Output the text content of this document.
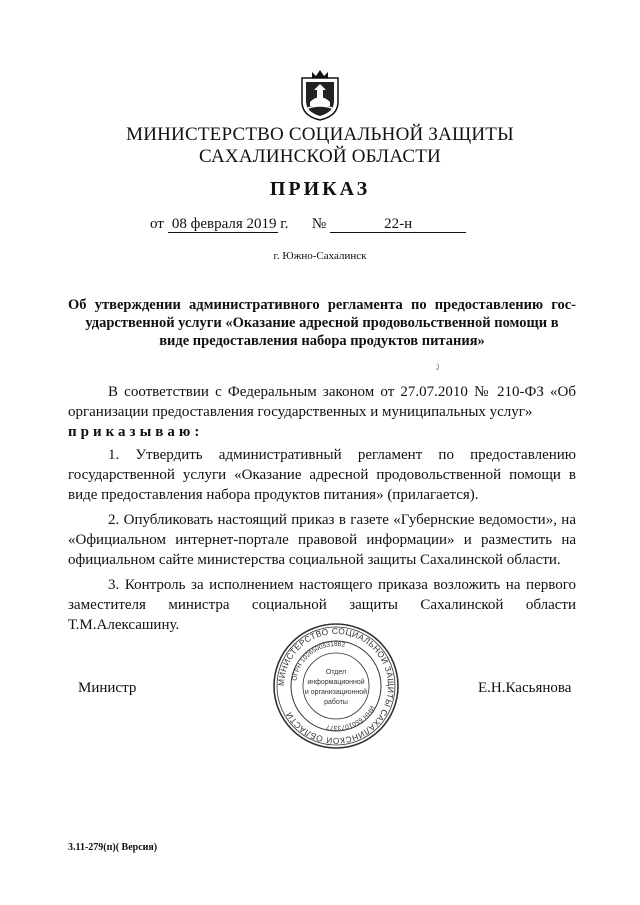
МИНИСТЕРСТВО СОЦИАЛЬНОЙ ЗАЩИТЫ
САХАЛИНСКОЙ ОБЛАСТИ
ПРИКАЗ
от 08 февраля 2019 г. №	22-н
г. Южно-Сахалинск
Об утверждении административного регламента по предоставлению гос-
ударственной услуги «Оказание адресной продовольственной помощи в
виде предоставления набора продуктов питания»
⤸
В соответствии с Федеральным законом от 27.07.2010 № 210-ФЗ «Об организации предоставления государственных и муниципальных услуг»
приказываю:
1. Утвердить административный регламент по предоставлению государственной услуги «Оказание адресной продовольственной помощи в виде предоставления набора продуктов питания» (прилагается).
2. Опубликовать настоящий приказ в газете «Губернские ведомости», на «Официальном интернет-портале правовой информации» и разместить на официальном сайте министерства социальной защиты Сахалинской области.
3. Контроль за исполнением настоящего приказа возложить на первого заместителя министра социальной защиты Сахалинской области Т.М.Алексашину.
Министр	Е.Н.Касьянова
МИНИСТЕРСТВО СОЦИАЛЬНОЙ ЗАЩИТЫ САХАЛИНСКОЙ ОБЛАСТИ
ОГРН 1026500531862
ИНН 6501073377
Отдел
информационной
и организационной
работы
3.11-279(п)( Версия)
